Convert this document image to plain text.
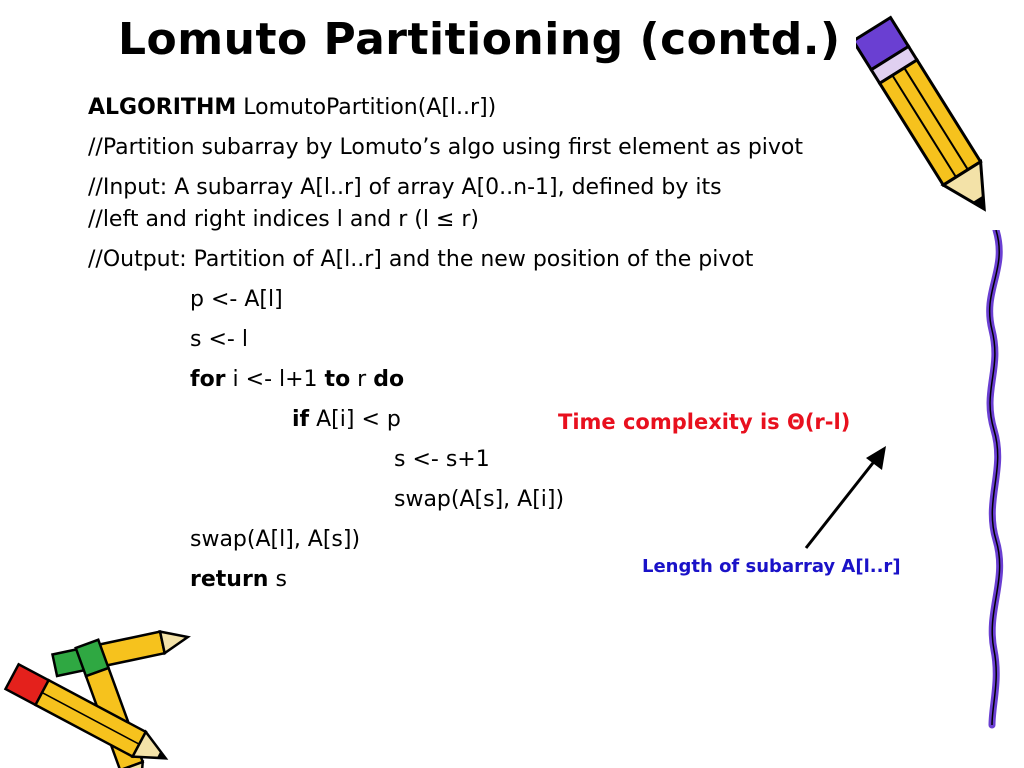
Lomuto Partitioning (contd.)
ALGORITHM LomutoPartition(A[l..r])
//Partition subarray by Lomuto’s algo using first element as pivot
//Input: A subarray A[l..r] of array A[0..n-1], defined by its
//left and right indices l and r (l ≤ r)
//Output: Partition of A[l..r] and the new position of the pivot
p <- A[l]
s <- l
for i <- l+1 to r do
if A[i] < p
s <- s+1
swap(A[s], A[i])
swap(A[l], A[s])
return s
Time complexity is Θ(r-l)
Length of subarray A[l..r]
